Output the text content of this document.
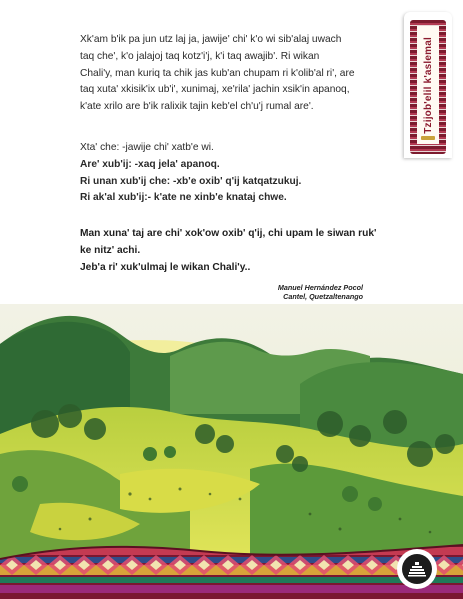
Tzijob'elil k'aslemal

Xk'am b'ik pa jun utz laj ja, jawije' chi' k'o wi sib'alaj uwach
taq che', k'o jalajoj taq kotz'i'j, k'i taq awajib'. Ri wikan
Chali'y, man kuriq ta chik jas kub'an chupam ri k'olib'al ri', are
taq xuta' xkisik'ix ub'i', xunimaj, xe'rila' jachin xsik'in apanoq,
k'ate xrilo are b'ik ralixik tajin keb'el ch'u'j rumal are'.

Xta' che: -jawije chi' xatb'e wi.
Are' xub'ij: -xaq jela' apanoq.
Ri unan xub'ij che: -xb'e oxib' q'ij katqatzukuj.
Ri ak'al xub'ij:- k'ate ne xinb'e knataj chwe.

Man xuna' taj are chi' xok'ow oxib' q'ij, chi upam le siwan ruk'
ke nitz' achi.
Jeb'a ri' xuk'ulmaj le wikan Chali'y..

Manuel Hernández Pocol
Cantel, Quetzaltenango
